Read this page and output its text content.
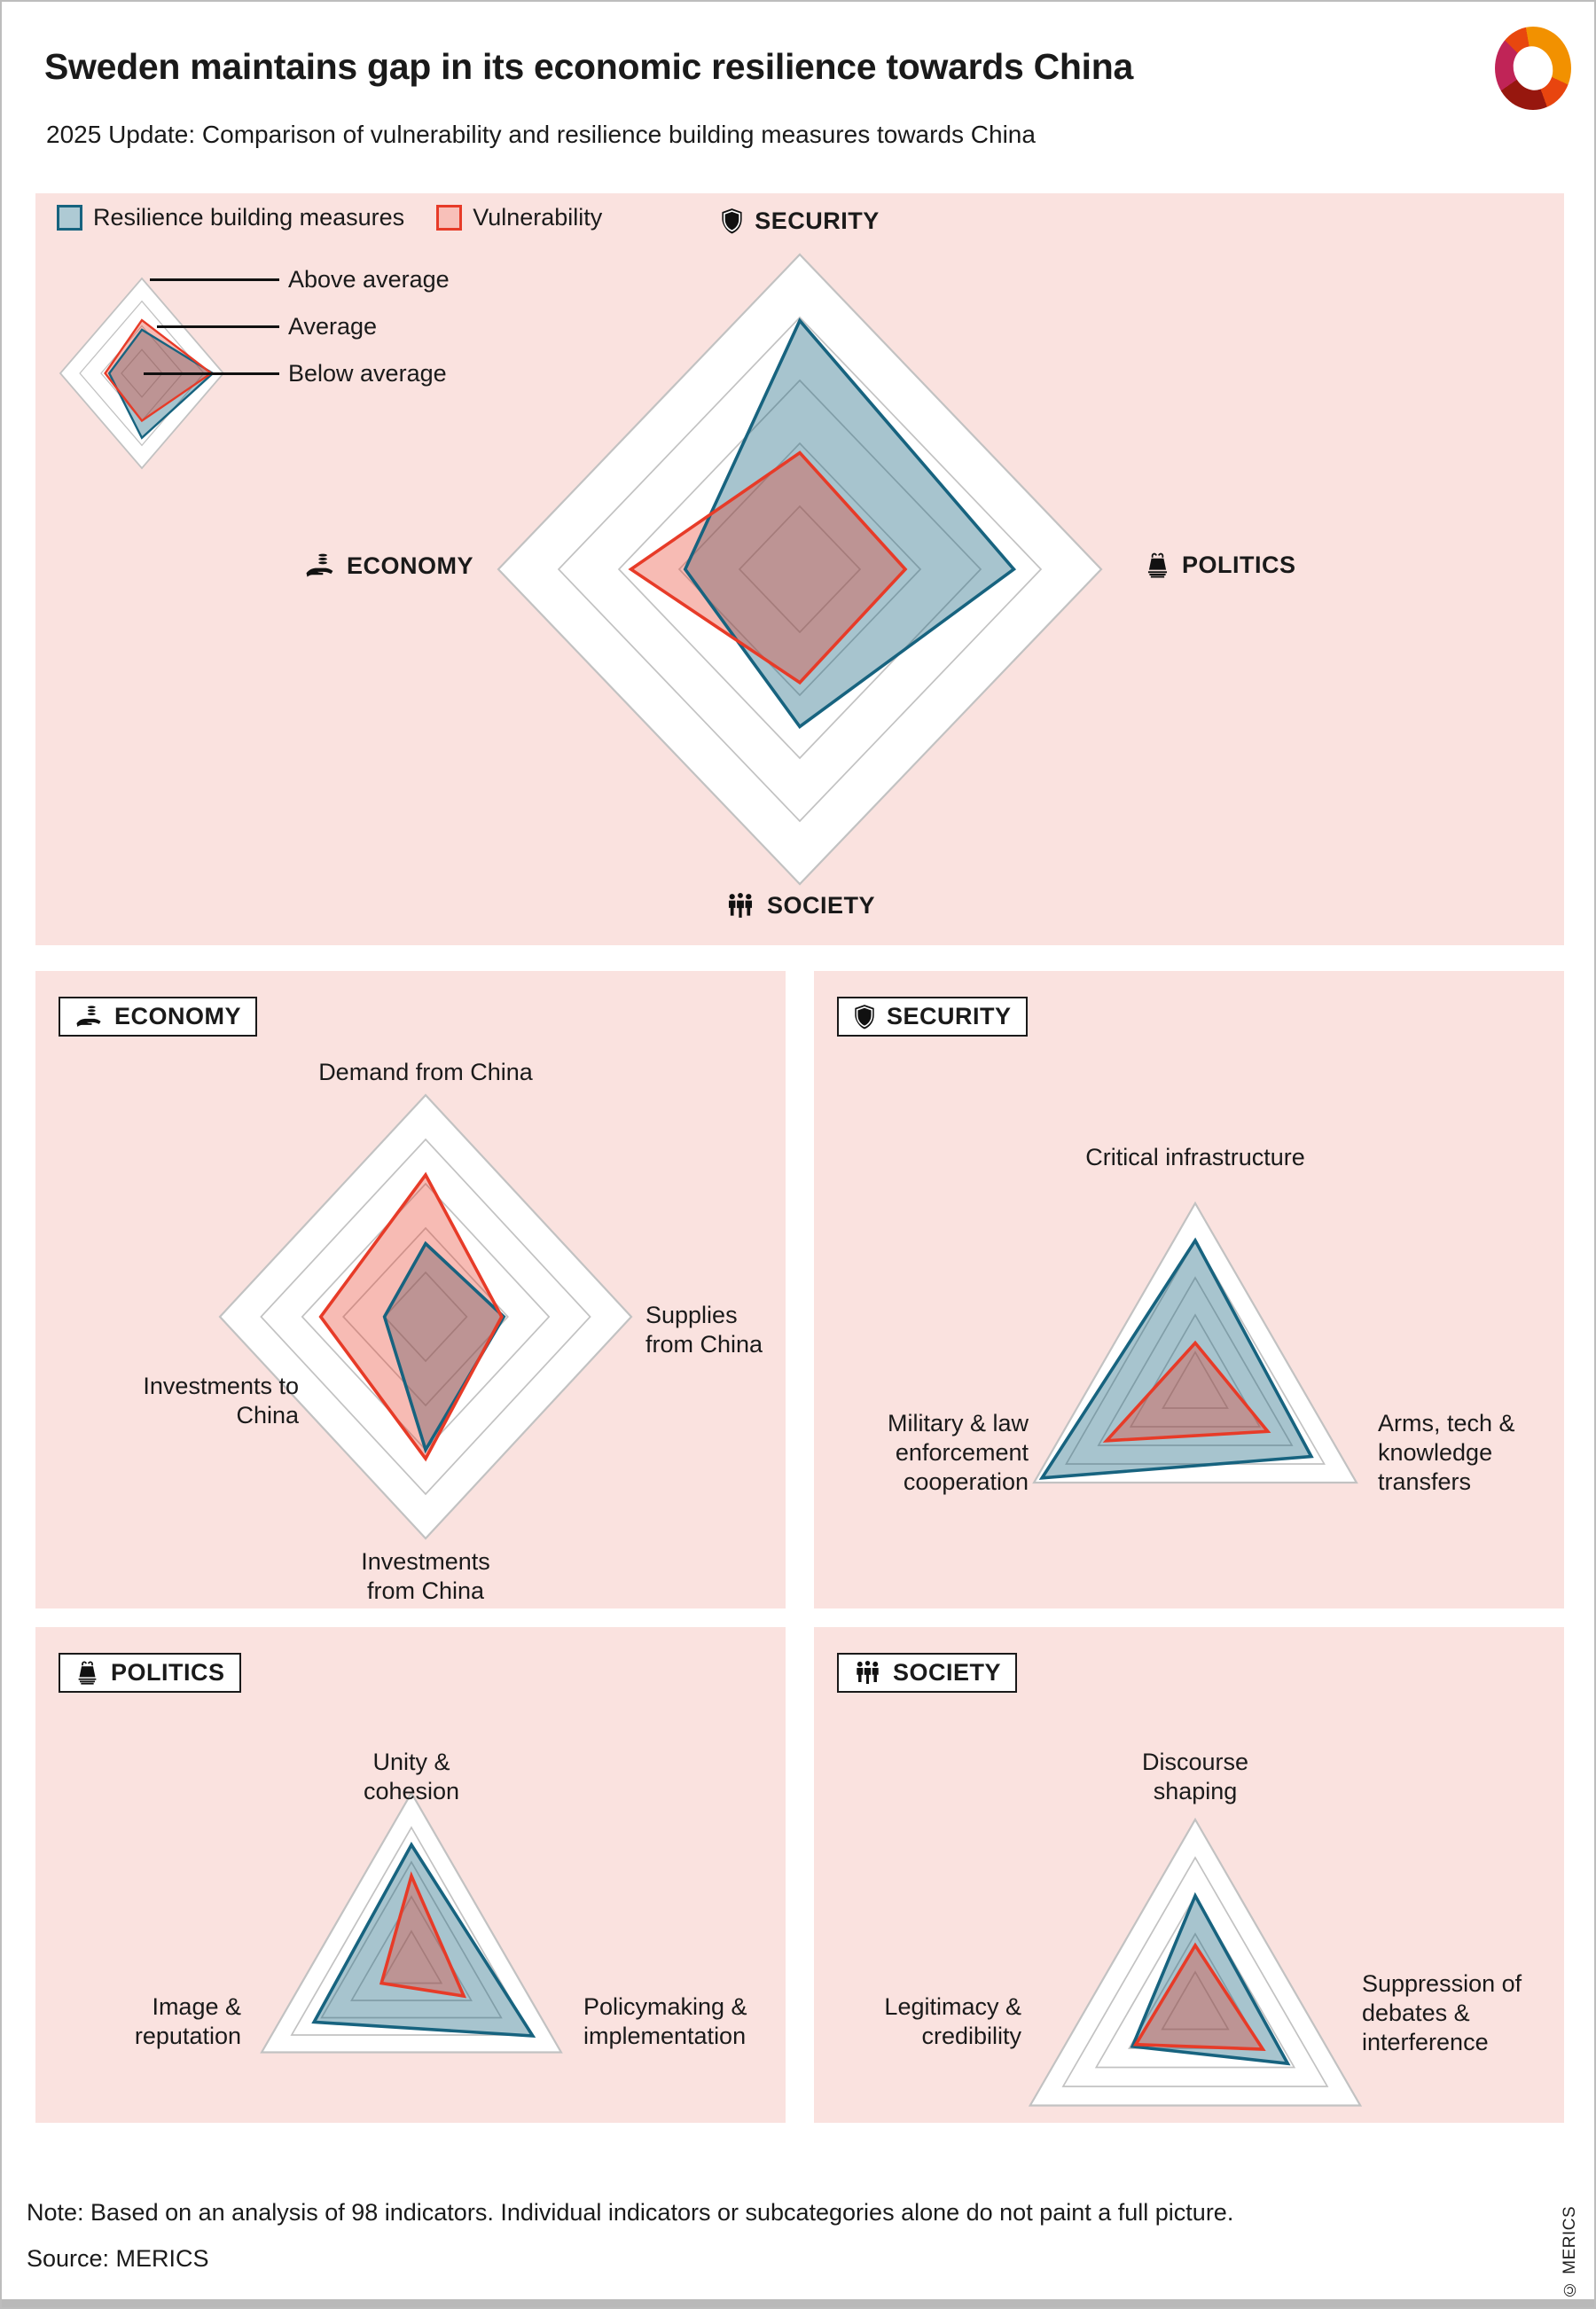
Sweden maintains gap in its economic resilience towards China
2025 Update: Comparison of vulnerability and resilience building measures towards China
Resilience building measures	Vulnerability
Above average
Average
Below average
SECURITY
POLITICS
SOCIETY
ECONOMY
ECONOMY
Demand from China
Supplies from China
Investments from China
Investments to China
SECURITY
Critical infrastructure
Arms, tech & knowledge transfers
Military & law enforcement cooperation
POLITICS
Unity & cohesion
Policymaking & implementation
Image & reputation
SOCIETY
Discourse shaping
Suppression of debates & interference
Legitimacy & credibility
Note: Based on an analysis of 98 indicators. Individual indicators or subcategories alone do not paint a full picture.
Source: MERICS	© MERICS
